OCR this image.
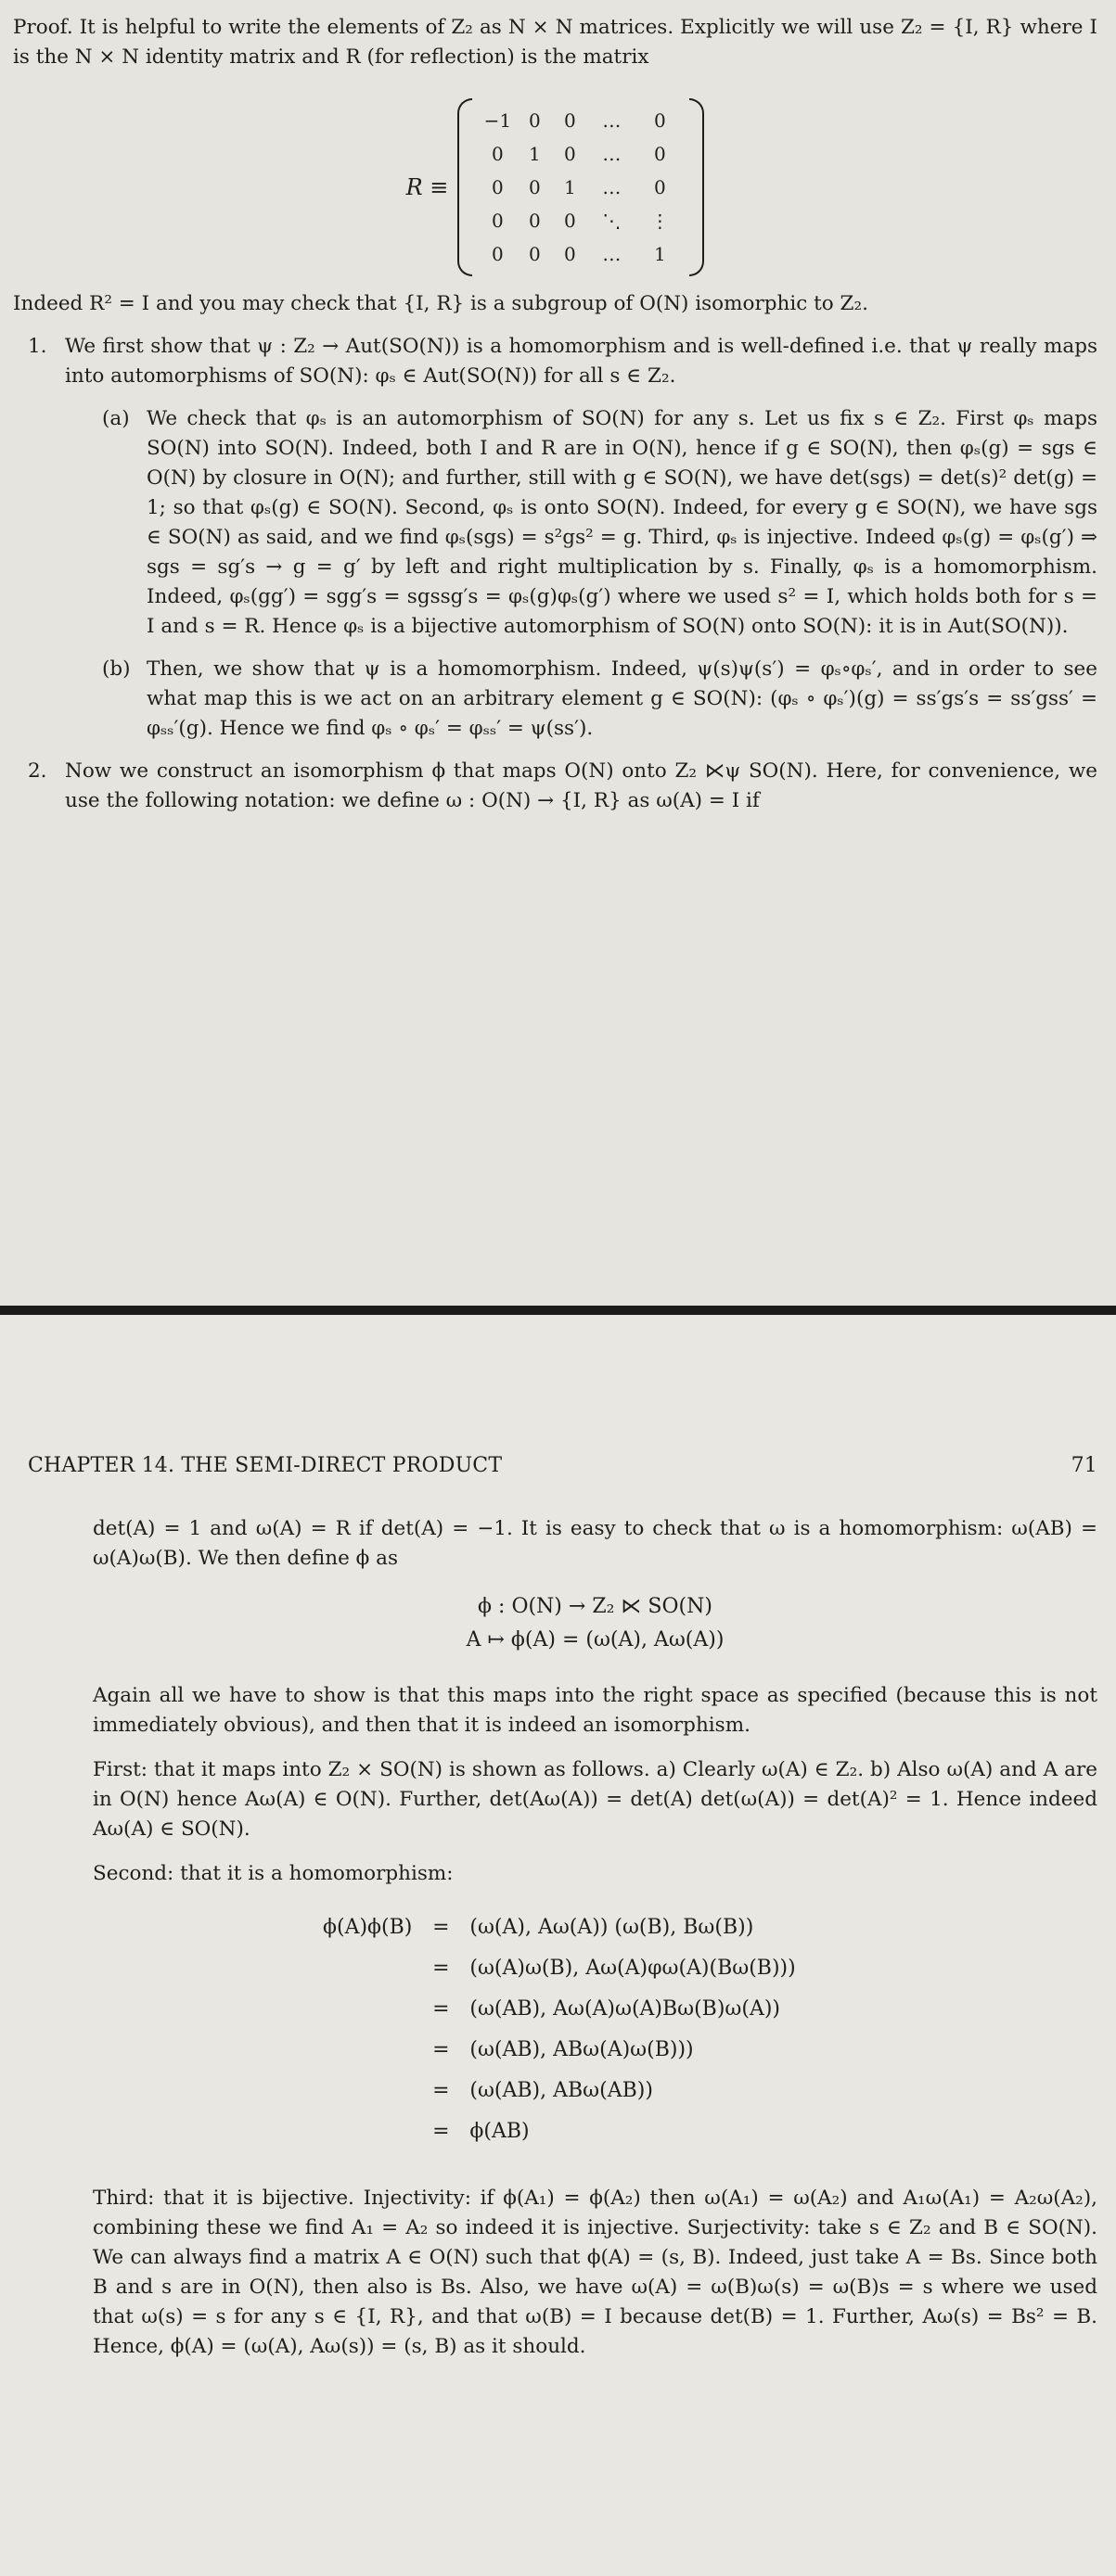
Proof. It is helpful to write the elements of Z₂ as N × N matrices. Explicitly we will use Z₂ = {I, R} where I is the N × N identity matrix and R (for reflection) is the matrix

R ≡
−1 0	0	…	0
0	1	0	…	0
0	0	1	…	0
0	0	0	⋱	⋮
0	0	0	…	1

Indeed R² = I and you may check that {I, R} is a subgroup of O(N) isomorphic to Z₂.

1. We first show that ψ : Z₂ → Aut(SO(N)) is a homomorphism and is well-defined i.e. that ψ really maps into automorphisms of SO(N): φₛ ∈ Aut(SO(N)) for all s ∈ Z₂.

(a) We check that φₛ is an automorphism of SO(N) for any s. Let us fix s ∈ Z₂. First φₛ maps SO(N) into SO(N). Indeed, both I and R are in O(N), hence if g ∈ SO(N), then φₛ(g) = sgs ∈ O(N) by closure in O(N); and further, still with g ∈ SO(N), we have det(sgs) = det(s)² det(g) = 1; so that φₛ(g) ∈ SO(N). Second, φₛ is onto SO(N). Indeed, for every g ∈ SO(N), we have sgs ∈ SO(N) as said, and we find φₛ(sgs) = s²gs² = g. Third, φₛ is injective. Indeed φₛ(g) = φₛ(g′) ⇒ sgs = sg′s → g = g′ by left and right multiplication by s. Finally, φₛ is a homomorphism. Indeed, φₛ(gg′) = sgg′s = sgssg′s = φₛ(g)φₛ(g′) where we used s² = I, which holds both for s = I and s = R. Hence φₛ is a bijective automorphism of SO(N) onto SO(N): it is in Aut(SO(N)).

(b) Then, we show that ψ is a homomorphism. Indeed, ψ(s)ψ(s′) = φₛ∘φₛ′, and in order to see what map this is we act on an arbitrary element g ∈ SO(N): (φₛ ∘ φₛ′)(g) = ss′gs′s = ss′gss′ = φₛₛ′(g). Hence we find φₛ ∘ φₛ′ = φₛₛ′ = ψ(ss′).

2. Now we construct an isomorphism ϕ that maps O(N) onto Z₂ ⋉ψ SO(N). Here, for convenience, we use the following notation: we define ω : O(N) → {I, R} as ω(A) = I if

CHAPTER 14. THE SEMI-DIRECT PRODUCT	71

det(A) = 1 and ω(A) = R if det(A) = −1. It is easy to check that ω is a homomorphism: ω(AB) = ω(A)ω(B). We then define ϕ as

ϕ : O(N) → Z₂ ⋉ SO(N)
A ↦ ϕ(A) = (ω(A), Aω(A))

Again all we have to show is that this maps into the right space as specified (because this is not immediately obvious), and then that it is indeed an isomorphism.

First: that it maps into Z₂ × SO(N) is shown as follows. a) Clearly ω(A) ∈ Z₂. b) Also ω(A) and A are in O(N) hence Aω(A) ∈ O(N). Further, det(Aω(A)) = det(A) det(ω(A)) = det(A)² = 1. Hence indeed Aω(A) ∈ SO(N).

Second: that it is a homomorphism:

ϕ(A)ϕ(B)	=	(ω(A), Aω(A)) (ω(B), Bω(B))
	=	(ω(A)ω(B), Aω(A)φω(A)(Bω(B)))
	=	(ω(AB), Aω(A)ω(A)Bω(B)ω(A))
	=	(ω(AB), ABω(A)ω(B)))
	=	(ω(AB), ABω(AB))
	=	ϕ(AB)

Third: that it is bijective. Injectivity: if ϕ(A₁) = ϕ(A₂) then ω(A₁) = ω(A₂) and A₁ω(A₁) = A₂ω(A₂), combining these we find A₁ = A₂ so indeed it is injective. Surjectivity: take s ∈ Z₂ and B ∈ SO(N). We can always find a matrix A ∈ O(N) such that ϕ(A) = (s, B). Indeed, just take A = Bs. Since both B and s are in O(N), then also is Bs. Also, we have ω(A) = ω(B)ω(s) = ω(B)s = s where we used that ω(s) = s for any s ∈ {I, R}, and that ω(B) = I because det(B) = 1. Further, Aω(s) = Bs² = B. Hence, ϕ(A) = (ω(A), Aω(s)) = (s, B) as it should.
